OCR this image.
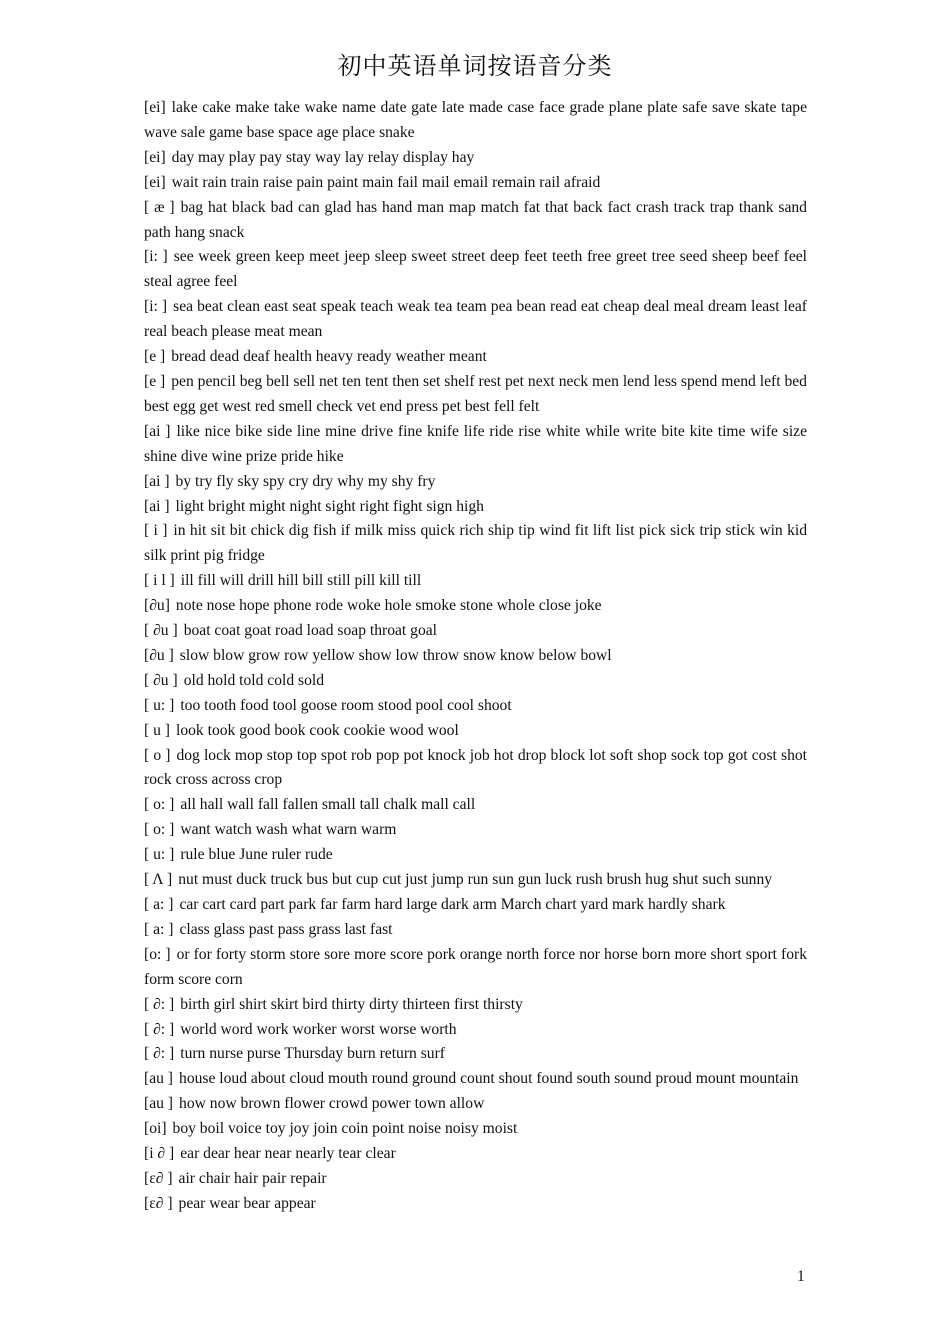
初中英语单词按语音分类

[ei] lake cake make take wake name date gate late made case face grade plane plate safe save skate tape wave sale game base space age place snake

[ei] day may play pay stay way lay relay display hay

[ei] wait rain train raise pain paint main fail mail email remain rail afraid

[ æ ] bag hat black bad can glad has hand man map match fat that back fact crash track trap thank sand path hang snack

[i: ] see week green keep meet jeep sleep sweet street deep feet teeth free greet tree seed sheep beef feel steal agree feel

[i: ] sea beat clean east seat speak teach weak tea team pea bean read eat cheap deal meal dream least leaf real beach please meat mean

[e ] bread dead deaf health heavy ready weather meant

[e ] pen pencil beg bell sell net ten tent then set shelf rest pet next neck men lend less spend mend left bed best egg get west red smell check vet end press pet best fell felt

[ai ] like nice bike side line mine drive fine knife life ride rise white while write bite kite time wife size shine dive wine prize pride hike

[ai ] by try fly sky spy cry dry why my shy fry

[ai ] light bright might night sight right fight sign high

[ i ] in hit sit bit chick dig fish if milk miss quick rich ship tip wind fit lift list pick sick trip stick win kid silk print pig fridge

[ i l ] ill fill will drill hill bill still pill kill till

[∂u] note nose hope phone rode woke hole smoke stone whole close joke

[ ∂u ] boat coat goat road load soap throat goal

[∂u ] slow blow grow row yellow show low throw snow know below bowl

[ ∂u ] old hold told cold sold

[ u: ] too tooth food tool goose room stood pool cool shoot

[ u ] look took good book cook cookie wood wool

[ o ] dog lock mop stop top spot rob pop pot knock job hot drop block lot soft shop sock top got cost shot rock cross across crop

[ o: ] all hall wall fall fallen small tall chalk mall call

[ o: ] want watch wash what warn warm

[ u: ] rule blue June ruler rude

[ Λ ] nut must duck truck bus but cup cut just jump run sun gun luck rush brush hug shut such sunny

[ a: ] car cart card part park far farm hard large dark arm March chart yard mark hardly shark

[ a: ] class glass past pass grass last fast

[o: ] or for forty storm store sore more score pork orange north force nor horse born more short sport fork form score corn

[ ∂: ] birth girl shirt skirt bird thirty dirty thirteen first thirsty

[ ∂: ] world word work worker worst worse worth

[ ∂: ] turn nurse purse Thursday burn return surf

[au ] house loud about cloud mouth round ground count shout found south sound proud mount mountain

[au ] how now brown flower crowd power town allow

[oi] boy boil voice toy joy join coin point noise noisy moist

[i ∂ ] ear dear hear near nearly tear clear

[ε∂ ] air chair hair pair repair

[ε∂ ] pear wear bear appear

1
